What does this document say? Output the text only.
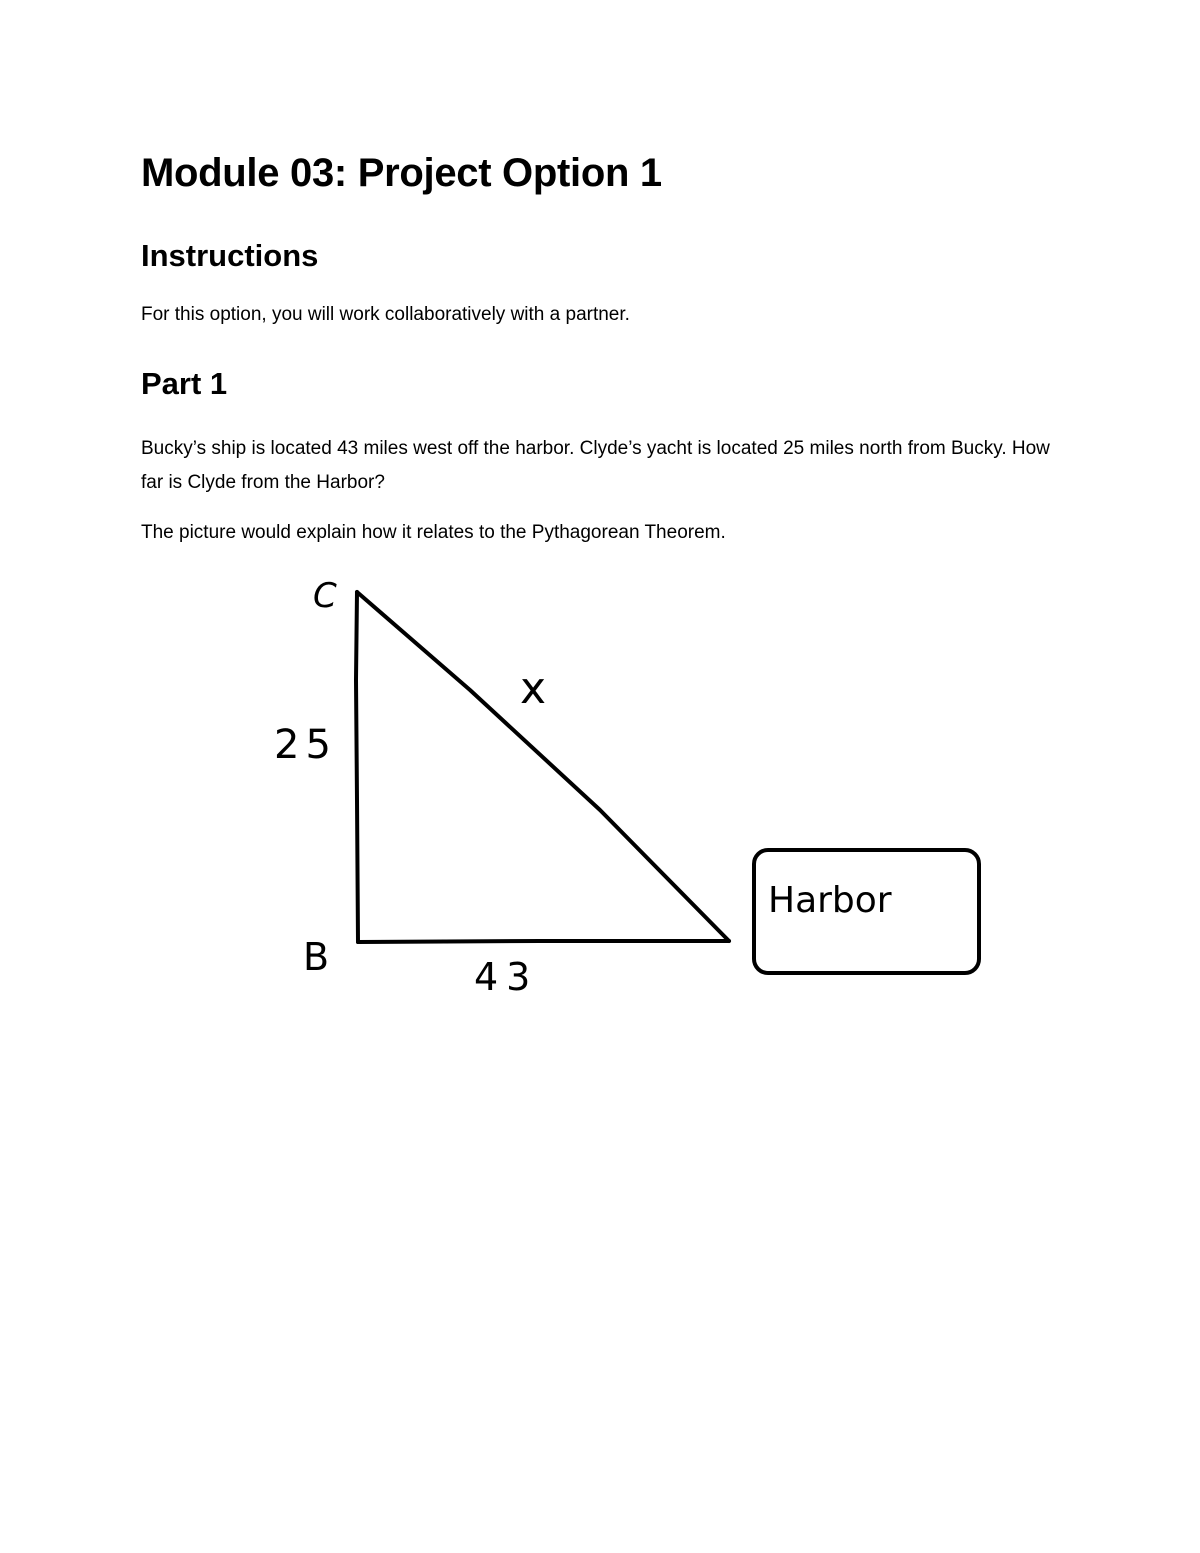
Module 03: Project Option 1
Instructions

For this option, you will work collaboratively with a partner.

Part 1

Bucky’s ship is located 43 miles west off the harbor. Clyde’s yacht is located 25 miles north from Bucky. How far is Clyde from the Harbor?

The picture would explain how it relates to the Pythagorean Theorem.

C
B
25
43
x
Harbor
